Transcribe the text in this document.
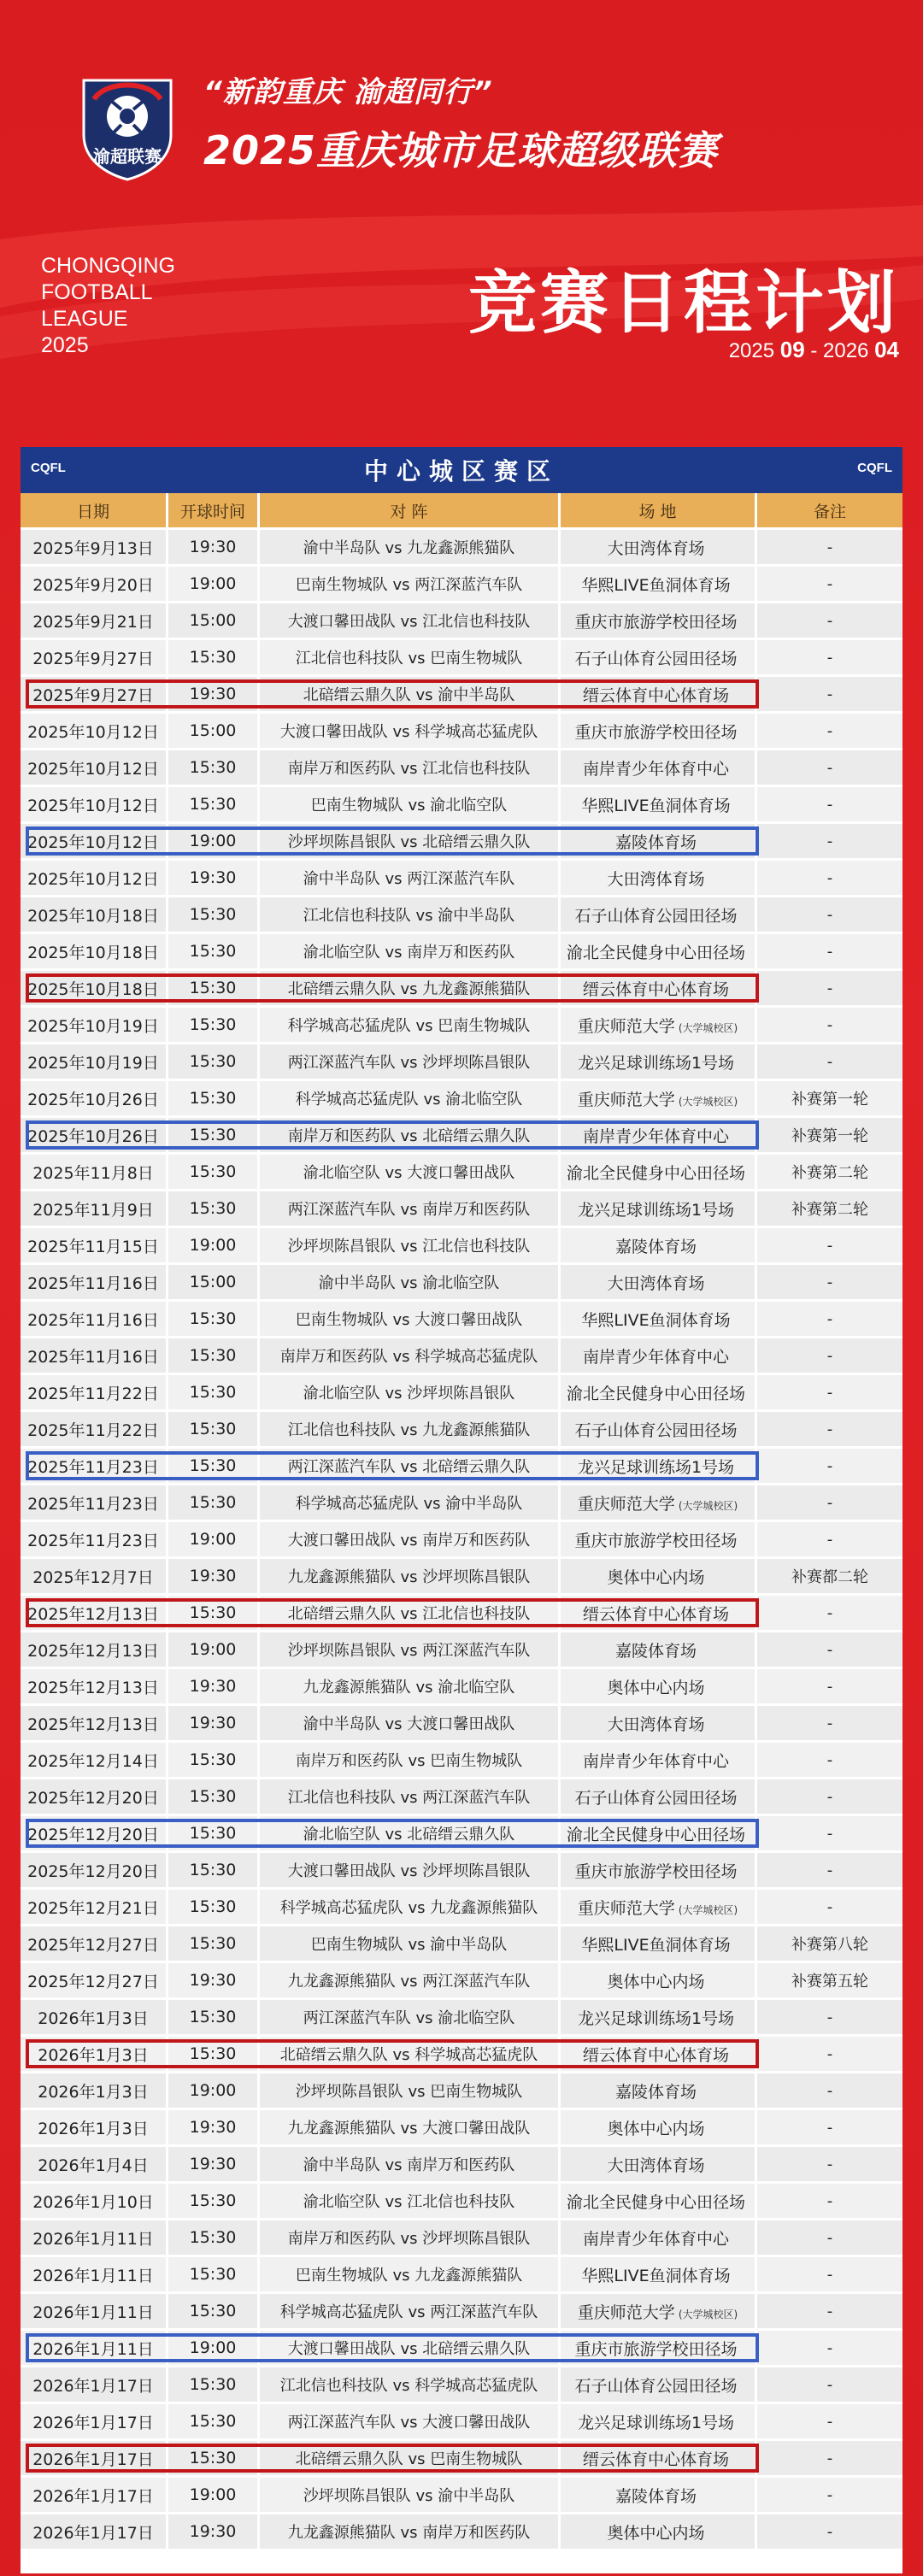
渝超联赛
“新韵重庆 渝超同行”
2025重庆城市足球超级联赛
CHONGQING
FOOTBALL
LEAGUE
2025
竞赛日程计划
2025 09 - 2026 04
CQFL	中心城区赛区	CQFL
日期	开球时间	对 阵	场 地	备注
2025年9月13日	19:30	渝中半岛队 vs 九龙鑫源熊猫队	大田湾体育场	-
2025年9月20日	19:00	巴南生物城队 vs 两江深蓝汽车队	华熙LIVE鱼洞体育场	-
2025年9月21日	15:00	大渡口馨田战队 vs 江北信也科技队	重庆市旅游学校田径场	-
2025年9月27日	15:30	江北信也科技队 vs 巴南生物城队	石子山体育公园田径场	-
2025年9月27日	19:30	北碚缙云鼎久队 vs 渝中半岛队	缙云体育中心体育场	-
2025年10月12日	15:00	大渡口馨田战队 vs 科学城高芯猛虎队	重庆市旅游学校田径场	-
2025年10月12日	15:30	南岸万和医药队 vs 江北信也科技队	南岸青少年体育中心	-
2025年10月12日	15:30	巴南生物城队 vs 渝北临空队	华熙LIVE鱼洞体育场	-
2025年10月12日	19:00	沙坪坝陈昌银队 vs 北碚缙云鼎久队	嘉陵体育场	-
2025年10月12日	19:30	渝中半岛队 vs 两江深蓝汽车队	大田湾体育场	-
2025年10月18日	15:30	江北信也科技队 vs 渝中半岛队	石子山体育公园田径场	-
2025年10月18日	15:30	渝北临空队 vs 南岸万和医药队	渝北全民健身中心田径场	-
2025年10月18日	15:30	北碚缙云鼎久队 vs 九龙鑫源熊猫队	缙云体育中心体育场	-
2025年10月19日	15:30	科学城高芯猛虎队 vs 巴南生物城队	重庆师范大学 (大学城校区)	-
2025年10月19日	15:30	两江深蓝汽车队 vs 沙坪坝陈昌银队	龙兴足球训练场1号场	-
2025年10月26日	15:30	科学城高芯猛虎队 vs 渝北临空队	重庆师范大学 (大学城校区)	补赛第一轮
2025年10月26日	15:30	南岸万和医药队 vs 北碚缙云鼎久队	南岸青少年体育中心	补赛第一轮
2025年11月8日	15:30	渝北临空队 vs 大渡口馨田战队	渝北全民健身中心田径场	补赛第二轮
2025年11月9日	15:30	两江深蓝汽车队 vs 南岸万和医药队	龙兴足球训练场1号场	补赛第二轮
2025年11月15日	19:00	沙坪坝陈昌银队 vs 江北信也科技队	嘉陵体育场	-
2025年11月16日	15:00	渝中半岛队 vs 渝北临空队	大田湾体育场	-
2025年11月16日	15:30	巴南生物城队 vs 大渡口馨田战队	华熙LIVE鱼洞体育场	-
2025年11月16日	15:30	南岸万和医药队 vs 科学城高芯猛虎队	南岸青少年体育中心	-
2025年11月22日	15:30	渝北临空队 vs 沙坪坝陈昌银队	渝北全民健身中心田径场	-
2025年11月22日	15:30	江北信也科技队 vs 九龙鑫源熊猫队	石子山体育公园田径场	-
2025年11月23日	15:30	两江深蓝汽车队 vs 北碚缙云鼎久队	龙兴足球训练场1号场	-
2025年11月23日	15:30	科学城高芯猛虎队 vs 渝中半岛队	重庆师范大学 (大学城校区)	-
2025年11月23日	19:00	大渡口馨田战队 vs 南岸万和医药队	重庆市旅游学校田径场	-
2025年12月7日	19:30	九龙鑫源熊猫队 vs 沙坪坝陈昌银队	奥体中心内场	补赛都二轮
2025年12月13日	15:30	北碚缙云鼎久队 vs 江北信也科技队	缙云体育中心体育场	-
2025年12月13日	19:00	沙坪坝陈昌银队 vs 两江深蓝汽车队	嘉陵体育场	-
2025年12月13日	19:30	九龙鑫源熊猫队 vs 渝北临空队	奥体中心内场	-
2025年12月13日	19:30	渝中半岛队 vs 大渡口馨田战队	大田湾体育场	-
2025年12月14日	15:30	南岸万和医药队 vs 巴南生物城队	南岸青少年体育中心	-
2025年12月20日	15:30	江北信也科技队 vs 两江深蓝汽车队	石子山体育公园田径场	-
2025年12月20日	15:30	渝北临空队 vs 北碚缙云鼎久队	渝北全民健身中心田径场	-
2025年12月20日	15:30	大渡口馨田战队 vs 沙坪坝陈昌银队	重庆市旅游学校田径场	-
2025年12月21日	15:30	科学城高芯猛虎队 vs 九龙鑫源熊猫队	重庆师范大学 (大学城校区)	-
2025年12月27日	15:30	巴南生物城队 vs 渝中半岛队	华熙LIVE鱼洞体育场	补赛第八轮
2025年12月27日	19:30	九龙鑫源熊猫队 vs 两江深蓝汽车队	奥体中心内场	补赛第五轮
2026年1月3日	15:30	两江深蓝汽车队 vs 渝北临空队	龙兴足球训练场1号场	-
2026年1月3日	15:30	北碚缙云鼎久队 vs 科学城高芯猛虎队	缙云体育中心体育场	-
2026年1月3日	19:00	沙坪坝陈昌银队 vs 巴南生物城队	嘉陵体育场	-
2026年1月3日	19:30	九龙鑫源熊猫队 vs 大渡口馨田战队	奥体中心内场	-
2026年1月4日	19:30	渝中半岛队 vs 南岸万和医药队	大田湾体育场	-
2026年1月10日	15:30	渝北临空队 vs 江北信也科技队	渝北全民健身中心田径场	-
2026年1月11日	15:30	南岸万和医药队 vs 沙坪坝陈昌银队	南岸青少年体育中心	-
2026年1月11日	15:30	巴南生物城队 vs 九龙鑫源熊猫队	华熙LIVE鱼洞体育场	-
2026年1月11日	15:30	科学城高芯猛虎队 vs 两江深蓝汽车队	重庆师范大学 (大学城校区)	-
2026年1月11日	19:00	大渡口馨田战队 vs 北碚缙云鼎久队	重庆市旅游学校田径场	-
2026年1月17日	15:30	江北信也科技队 vs 科学城高芯猛虎队	石子山体育公园田径场	-
2026年1月17日	15:30	两江深蓝汽车队 vs 大渡口馨田战队	龙兴足球训练场1号场	-
2026年1月17日	15:30	北碚缙云鼎久队 vs 巴南生物城队	缙云体育中心体育场	-
2026年1月17日	19:00	沙坪坝陈昌银队 vs 渝中半岛队	嘉陵体育场	-
2026年1月17日	19:30	九龙鑫源熊猫队 vs 南岸万和医药队	奥体中心内场	-
